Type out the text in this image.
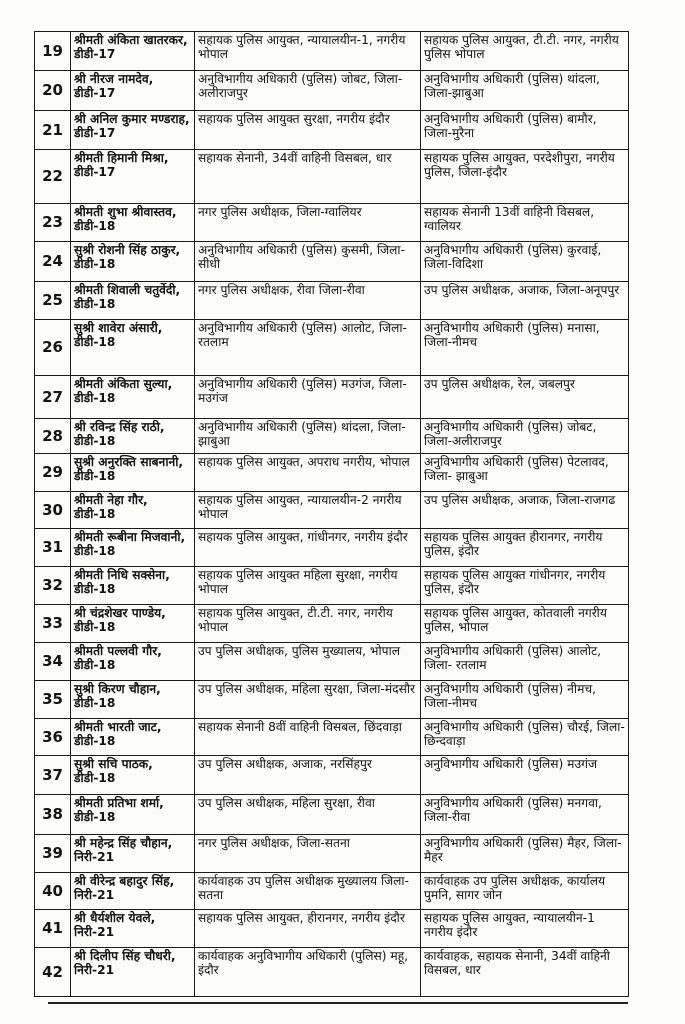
19	श्रीमती अंकिता खातरकर, डीडी-17	सहायक पुलिस आयुक्त, न्यायालयीन-1, नगरीय भोपाल	सहायक पुलिस आयुक्त, टी.टी. नगर, नगरीय पुलिस भोपाल
20	श्री नीरज नामदेव, डीडी-17	अनुविभागीय अधिकारी (पुलिस) जोबट, जिला-अलीराजपुर	अनुविभागीय अधिकारी (पुलिस) थांदला, जिला-झाबुआ
21	श्री अनिल कुमार मण्डराह, डीडी-17	सहायक पुलिस आयुक्त सुरक्षा, नगरीय इंदौर	अनुविभागीय अधिकारी (पुलिस) बामौर, जिला-मुरैना
22	श्रीमती हिमानी मिश्रा, डीडी-17	सहायक सेनानी, 34वीं वाहिनी विसबल, धार	सहायक पुलिस आयुक्त, परदेशीपुरा, नगरीय पुलिस, जिला-इंदौर
23	श्रीमती शुभा श्रीवास्तव, डीडी-18	नगर पुलिस अधीक्षक, जिला-ग्वालियर	सहायक सेनानी 13वीं वाहिनी विसबल, ग्वालियर
24	सुश्री रोशनी सिंह ठाकुर, डीडी-18	अनुविभागीय अधिकारी (पुलिस) कुसमी, जिला-सीधी	अनुविभागीय अधिकारी (पुलिस) कुरवाई, जिला-विदिशा
25	श्रीमती शिवाली चतुर्वेदी, डीडी-18	नगर पुलिस अधीक्षक, रीवा जिला-रीवा	उप पुलिस अधीक्षक, अजाक, जिला-अनूपपुर
26	सुश्री शावेरा अंसारी, डीडी-18	अनुविभागीय अधिकारी (पुलिस) आलोट, जिला- रतलाम	अनुविभागीय अधिकारी (पुलिस) मनासा, जिला-नीमच
27	श्रीमती अंकिता सुल्या, डीडी-18	अनुविभागीय अधिकारी (पुलिस) मउगंज, जिला-मउगंज	उप पुलिस अधीक्षक, रेल, जबलपुर
28	श्री रविन्द्र सिंह राठी, डीडी-18	अनुविभागीय अधिकारी (पुलिस) थांदला, जिला-झाबुआ	अनुविभागीय अधिकारी (पुलिस) जोबट, जिला-अलीराजपुर
29	सुश्री अनुरक्ति साबनानी, डीडी-18	सहायक पुलिस आयुक्त, अपराध नगरीय, भोपाल	अनुविभागीय अधिकारी (पुलिस) पेटलावद, जिला- झाबुआ
30	श्रीमती नेहा गौर, डीडी-18	सहायक पुलिस आयुक्त, न्यायालयीन-2 नगरीय भोपाल	उप पुलिस अधीक्षक, अजाक, जिला-राजगढ
31	श्रीमती रूबीना मिजवानी, डीडी-18	सहायक पुलिस आयुक्त, गांधीनगर, नगरीय इंदौर	सहायक पुलिस आयुक्त हीरानगर, नगरीय पुलिस, इंदौर
32	श्रीमती निधि सक्सेना, डीडी-18	सहायक पुलिस आयुक्त महिला सुरक्षा, नगरीय भोपाल	सहायक पुलिस आयुक्त गांधीनगर, नगरीय पुलिस, इंदौर
33	श्री चंद्रशेखर पाण्डेय, डीडी-18	सहायक पुलिस आयुक्त, टी.टी. नगर, नगरीय भोपाल	सहायक पुलिस आयुक्त, कोतवाली नगरीय पुलिस, भोपाल
34	श्रीमती पल्लवी गौर, डीडी-18	उप पुलिस अधीक्षक, पुलिस मुख्यालय, भोपाल	अनुविभागीय अधिकारी (पुलिस) आलोट, जिला- रतलाम
35	सुश्री किरण चौहान, डीडी-18	उप पुलिस अधीक्षक, महिला सुरक्षा, जिला-मंदसौर	अनुविभागीय अधिकारी (पुलिस) नीमच, जिला-नीमच
36	श्रीमती भारती जाट, डीडी-18	सहायक सेनानी 8वीं वाहिनी विसबल, छिंदवाड़ा	अनुविभागीय अधिकारी (पुलिस) चौरई, जिला- छिन्दवाड़ा
37	सुश्री सचि पाठक, डीडी-18	उप पुलिस अधीक्षक, अजाक, नरसिंहपुर	अनुविभागीय अधिकारी (पुलिस) मउगंज
38	श्रीमती प्रतिभा शर्मा, डीडी-18	उप पुलिस अधीक्षक, महिला सुरक्षा, रीवा	अनुविभागीय अधिकारी (पुलिस) मनगवा, जिला-रीवा
39	श्री महेन्द्र सिंह चौहान, निरी-21	नगर पुलिस अधीक्षक, जिला-सतना	अनुविभागीय अधिकारी (पुलिस) मैहर, जिला-मैहर
40	श्री वीरेन्द्र बहादुर सिंह, निरी-21	कार्यवाहक उप पुलिस अधीक्षक मुख्यालय जिला-सतना	कार्यवाहक उप पुलिस अधीक्षक, कार्यालय पुमनि, सागर जोन
41	श्री धैर्यशील येवले, निरी-21	सहायक पुलिस आयुक्त, हीरानगर, नगरीय इंदौर	सहायक पुलिस आयुक्त, न्यायालयीन-1 नगरीय इंदौर
42	श्री दिलीप सिंह चौधरी, निरी-21	कार्यवाहक अनुविभागीय अधिकारी (पुलिस) महू, इंदौर	कार्यवाहक, सहायक सेनानी, 34वीं वाहिनी विसबल, धार
